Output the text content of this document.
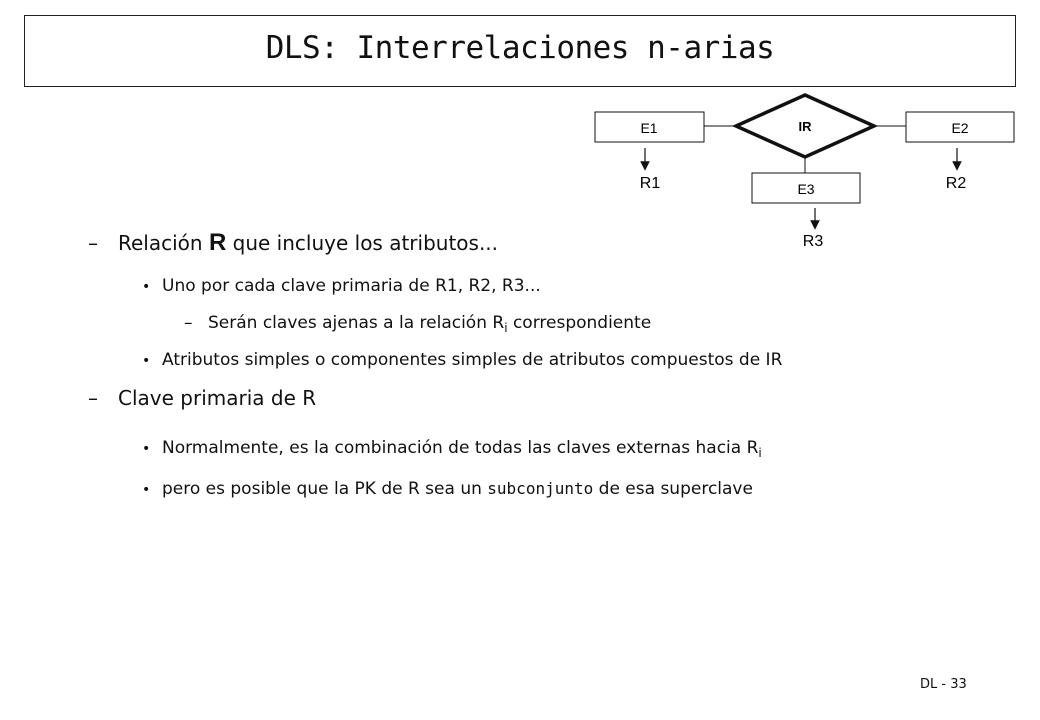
DLS: Interrelaciones n-arias
IR
E1	E2
E3
R1	R2
R3
– Relación R que incluye los atributos...
• Uno por cada clave primaria de R1, R2, R3...
– Serán claves ajenas a la relación $R_i$ correspondiente
• Atributos simples o componentes simples de atributos compuestos de IR
– Clave primaria de R
• Normalmente, es la combinación de todas las claves externas hacia $R_i$
• pero es posible que la PK de R sea un subconjunto de esa superclave
DL - 33
